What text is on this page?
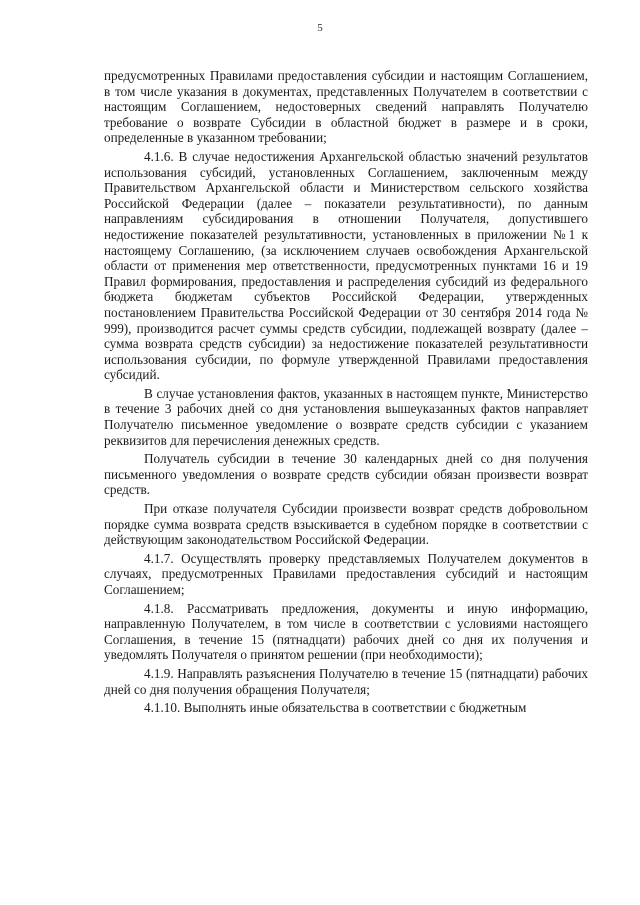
5

предусмотренных Правилами предоставления субсидии и настоящим Соглашением, в том числе указания в документах, представленных Получателем в соответствии с настоящим Соглашением, недостоверных сведений направлять Получателю требование о возврате Субсидии в областной бюджет в размере и в сроки, определенные в указанном требовании;

4.1.6. В случае недостижения Архангельской областью значений результатов использования субсидий, установленных Соглашением, заключенным между Правительством Архангельской области и Министерством сельского хозяйства Российской Федерации (далее – показатели результативности), по данным направлениям субсидирования в отношении Получателя, допустившего недостижение показателей результативности, установленных в приложении №1 к настоящему Соглашению, (за исключением случаев освобождения Архангельской области от применения мер ответственности, предусмотренных пунктами 16 и 19 Правил формирования, предоставления и распределения субсидий из федерального бюджета бюджетам субъектов Российской Федерации, утвержденных постановлением Правительства Российской Федерации от 30 сентября 2014 года № 999), производится расчет суммы средств субсидии, подлежащей возврату (далее – сумма возврата средств субсидии) за недостижение показателей результативности использования субсидии, по формуле утвержденной Правилами предоставления субсидий.

В случае установления фактов, указанных в настоящем пункте, Министерство в течение 3 рабочих дней со дня установления вышеуказанных фактов направляет Получателю письменное уведомление о возврате средств субсидии с указанием реквизитов для перечисления денежных средств.

Получатель субсидии в течение 30 календарных дней со дня получения письменного уведомления о возврате средств субсидии обязан произвести возврат средств.

При отказе получателя Субсидии произвести возврат средств добровольном порядке сумма возврата средств взыскивается в судебном порядке в соответствии с действующим законодательством Российской Федерации.

4.1.7. Осуществлять проверку представляемых Получателем документов в случаях, предусмотренных Правилами предоставления субсидий и настоящим Соглашением;

4.1.8. Рассматривать предложения, документы и иную информацию, направленную Получателем, в том числе в соответствии с условиями настоящего Соглашения, в течение 15 (пятнадцати) рабочих дней со дня их получения и уведомлять Получателя о принятом решении (при необходимости);

4.1.9. Направлять разъяснения Получателю в течение 15 (пятнадцати) рабочих дней со дня получения обращения Получателя;

4.1.10. Выполнять иные обязательства в соответствии с бюджетным
